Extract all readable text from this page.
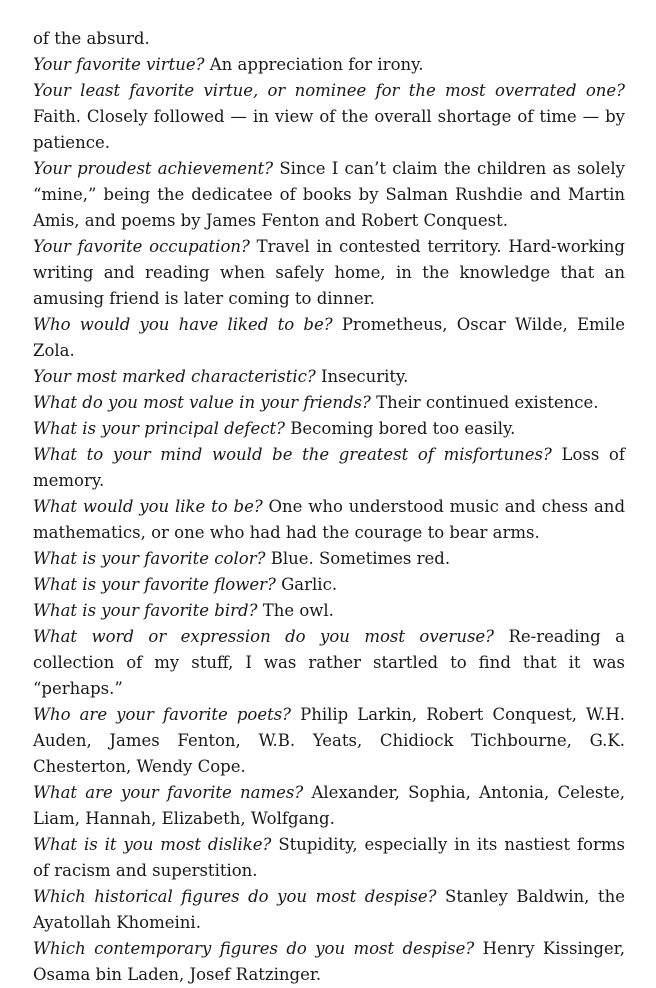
of the absurd.

Your favorite virtue? An appreciation for irony.

Your least favorite virtue, or nominee for the most overrated one? Faith. Closely followed — in view of the overall shortage of time — by patience.

Your proudest achievement? Since I can’t claim the children as solely “mine,” being the dedicatee of books by Salman Rushdie and Martin Amis, and poems by James Fenton and Robert Conquest.

Your favorite occupation? Travel in contested territory. Hard-working writing and reading when safely home, in the knowledge that an amusing friend is later coming to dinner.

Who would you have liked to be? Prometheus, Oscar Wilde, Emile Zola.

Your most marked characteristic? Insecurity.

What do you most value in your friends? Their continued existence.

What is your principal defect? Becoming bored too easily.

What to your mind would be the greatest of misfortunes? Loss of memory.

What would you like to be? One who understood music and chess and mathematics, or one who had had the courage to bear arms.

What is your favorite color? Blue. Sometimes red.

What is your favorite flower? Garlic.

What is your favorite bird? The owl.

What word or expression do you most overuse? Re-reading a collection of my stuff, I was rather startled to find that it was “perhaps.”

Who are your favorite poets? Philip Larkin, Robert Conquest, W.H. Auden, James Fenton, W.B. Yeats, Chidiock Tichbourne, G.K. Chesterton, Wendy Cope.

What are your favorite names? Alexander, Sophia, Antonia, Celeste, Liam, Hannah, Elizabeth, Wolfgang.

What is it you most dislike? Stupidity, especially in its nastiest forms of racism and superstition.

Which historical figures do you most despise? Stanley Baldwin, the Ayatollah Khomeini.

Which contemporary figures do you most despise? Henry Kissinger, Osama bin Laden, Josef Ratzinger.
